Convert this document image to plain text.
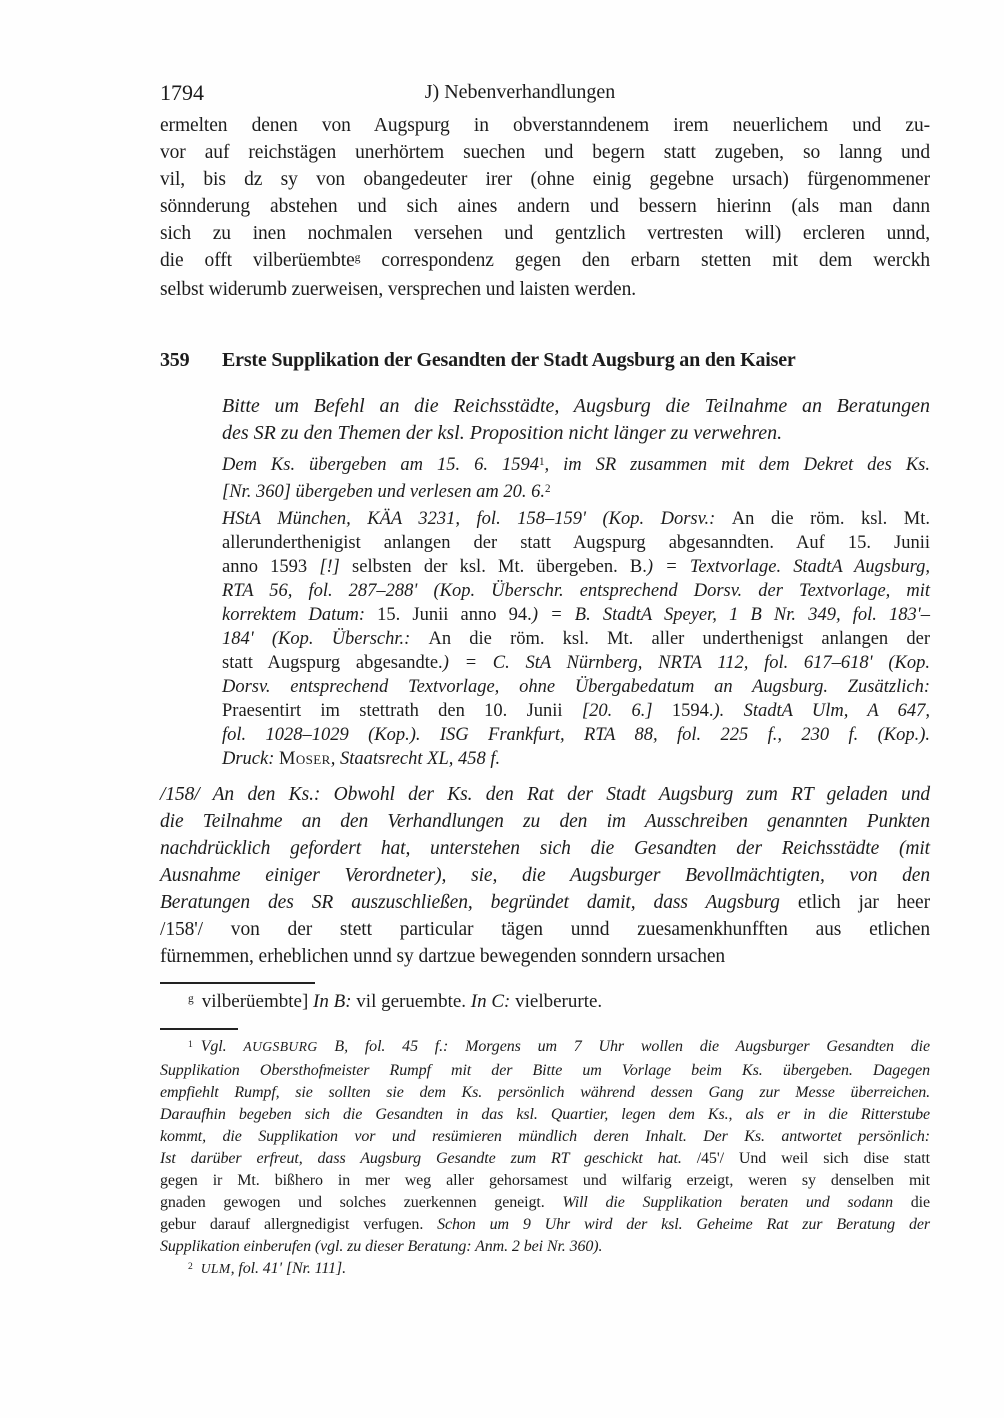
1794	J) Nebenverhandlungen
ermelten denen von Augspurg in obverstanndenem irem neuerlichem und zu-
vor auf reichstägen unerhörtem suechen und begern statt zugeben, so lanng und
vil, bis dz sy von obangedeuter irer (ohne einig gegebne ursach) fürgenommener
sönnderung abstehen und sich aines andern und bessern hierinn (als man dann
sich zu inen nochmalen versehen und gentzlich vertresten will) ercleren unnd,
die offt vilberüembte$^g$ correspondenz gegen den erbarn stetten mit dem werckh
selbst widerumb zuerweisen, versprechen und laisten werden.
359	Erste Supplikation der Gesandten der Stadt Augsburg an den Kaiser
Bitte um Befehl an die Reichsstädte, Augsburg die Teilnahme an Beratungen
des SR zu den Themen der ksl. Proposition nicht länger zu verwehren.
Dem Ks. übergeben am 15. 6. 1594$^1$, im SR zusammen mit dem Dekret des Ks.
[Nr. 360] übergeben und verlesen am 20. 6.$^2$
HStA München, KÄA 3231, fol. 158–159' (Kop. Dorsv.: An die röm. ksl. Mt.
allerunderthenigist anlangen der statt Augspurg abgesanndten. Auf 15. Junii
anno 1593 [!] selbsten der ksl. Mt. übergeben. B.) = Textvorlage. StadtA Augsburg,
RTA 56, fol. 287–288' (Kop. Überschr. entsprechend Dorsv. der Textvorlage, mit
korrektem Datum: 15. Junii anno 94.) = B. StadtA Speyer, 1 B Nr. 349, fol. 183'–
184' (Kop. Überschr.: An die röm. ksl. Mt. aller underthenigst anlangen der
statt Augspurg abgesandte.) = C. StA Nürnberg, NRTA 112, fol. 617–618' (Kop.
Dorsv. entsprechend Textvorlage, ohne Übergabedatum an Augsburg. Zusätzlich:
Praesentirt im stettrath den 10. Junii [20. 6.] 1594.). StadtA Ulm, A 647,
fol. 1028–1029 (Kop.). ISG Frankfurt, RTA 88, fol. 225 f., 230 f. (Kop.).
Druck: Moser, Staatsrecht XL, 458 f.
/158/ An den Ks.: Obwohl der Ks. den Rat der Stadt Augsburg zum RT geladen und
die Teilnahme an den Verhandlungen zu den im Ausschreiben genannten Punkten
nachdrücklich gefordert hat, unterstehen sich die Gesandten der Reichsstädte (mit
Ausnahme einiger Verordneter), sie, die Augsburger Bevollmächtigten, von den
Beratungen des SR auszuschließen, begründet damit, dass Augsburg etlich jar heer
/158'/ von der stett particular tägen unnd zuesamenkhunfften aus etlichen
fürnemmen, erheblichen unnd sy dartzue bewegenden sonndern ursachen
$^g$ vilberüembte] In B: vil geruembte. In C: vielberurte.
$^1$ Vgl. AUGSBURG B, fol. 45 f.: Morgens um 7 Uhr wollen die Augsburger Gesandten die
Supplikation Obersthofmeister Rumpf mit der Bitte um Vorlage beim Ks. übergeben. Dagegen
empfiehlt Rumpf, sie sollten sie dem Ks. persönlich während dessen Gang zur Messe überreichen.
Daraufhin begeben sich die Gesandten in das ksl. Quartier, legen dem Ks., als er in die Ritterstube
kommt, die Supplikation vor und resümieren mündlich deren Inhalt. Der Ks. antwortet persönlich:
Ist darüber erfreut, dass Augsburg Gesandte zum RT geschickt hat. /45'/ Und weil sich dise statt
gegen ir Mt. bißhero in mer weg aller gehorsamest und wilfarig erzeigt, weren sy denselben mit
gnaden gewogen und solches zuerkennen geneigt. Will die Supplikation beraten und sodann die
gebur darauf allergnedigist verfugen. Schon um 9 Uhr wird der ksl. Geheime Rat zur Beratung der
Supplikation einberufen (vgl. zu dieser Beratung: Anm. 2 bei Nr. 360).
$^2$ ULM, fol. 41' [Nr. 111].
